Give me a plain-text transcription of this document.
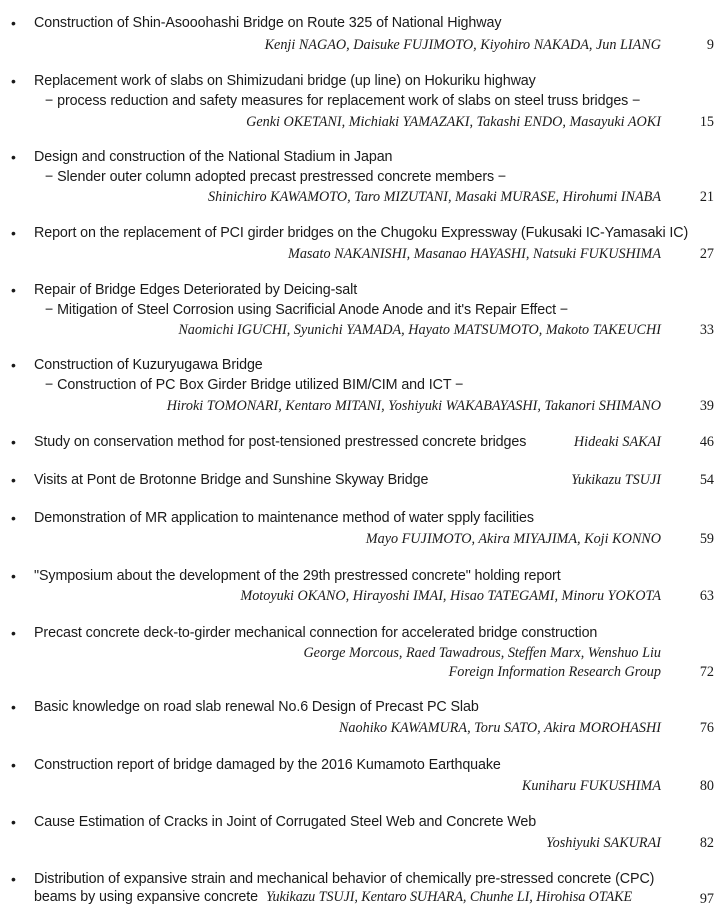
•
Construction of Shin-Asooohashi Bridge on Route 325 of National Highway
Kenji NAGAO, Daisuke FUJIMOTO, Kiyohiro NAKADA, Jun LIANG	9
•
Replacement work of slabs on Shimizudani bridge (up line) on Hokuriku highway
− process reduction and safety measures for replacement work of slabs on steel truss bridges −
Genki OKETANI, Michiaki YAMAZAKI, Takashi ENDO, Masayuki AOKI	15
•
Design and construction of the National Stadium in Japan
− Slender outer column adopted precast prestressed concrete members −
Shinichiro KAWAMOTO, Taro MIZUTANI, Masaki MURASE, Hirohumi INABA	21
•
Report on the replacement of PCI girder bridges on the Chugoku Expressway (Fukusaki IC-Yamasaki IC)
Masato NAKANISHI, Masanao HAYASHI, Natsuki FUKUSHIMA	27
•
Repair of Bridge Edges Deteriorated by Deicing-salt
− Mitigation of Steel Corrosion using Sacrificial Anode Anode and it's Repair Effect −
Naomichi IGUCHI, Syunichi YAMADA, Hayato MATSUMOTO, Makoto TAKEUCHI	33
•
Construction of Kuzuryugawa Bridge
− Construction of PC Box Girder Bridge utilized BIM/CIM and ICT −
Hiroki TOMONARI, Kentaro MITANI, Yoshiyuki WAKABAYASHI, Takanori SHIMANO	39
•
Study on conservation method for post-tensioned prestressed concrete bridges	Hideaki SAKAI	46
•
Visits at Pont de Brotonne Bridge and Sunshine Skyway Bridge	Yukikazu TSUJI	54
•
Demonstration of MR application to maintenance method of water spply facilities
Mayo FUJIMOTO, Akira MIYAJIMA, Koji KONNO	59
•
"Symposium about the development of the 29th prestressed concrete" holding report
Motoyuki OKANO, Hirayoshi IMAI, Hisao TATEGAMI, Minoru YOKOTA	63
•
Precast concrete deck-to-girder mechanical connection for accelerated bridge construction
George Morcous, Raed Tawadrous, Steffen Marx, Wenshuo Liu
Foreign Information Research Group	72
•
Basic knowledge on road slab renewal No.6 Design of Precast PC Slab
Naohiko KAWAMURA, Toru SATO, Akira MOROHASHI	76
•
Construction report of bridge damaged by the 2016 Kumamoto Earthquake
Kuniharu FUKUSHIMA	80
•
Cause Estimation of Cracks in Joint of Corrugated Steel Web and Concrete Web
Yoshiyuki SAKURAI	82
•
Distribution of expansive strain and mechanical behavior of chemically pre-stressed concrete (CPC)
beams by using expansive concrete Yukikazu TSUJI, Kentaro SUHARA, Chunhe LI, Hirohisa OTAKE	97
